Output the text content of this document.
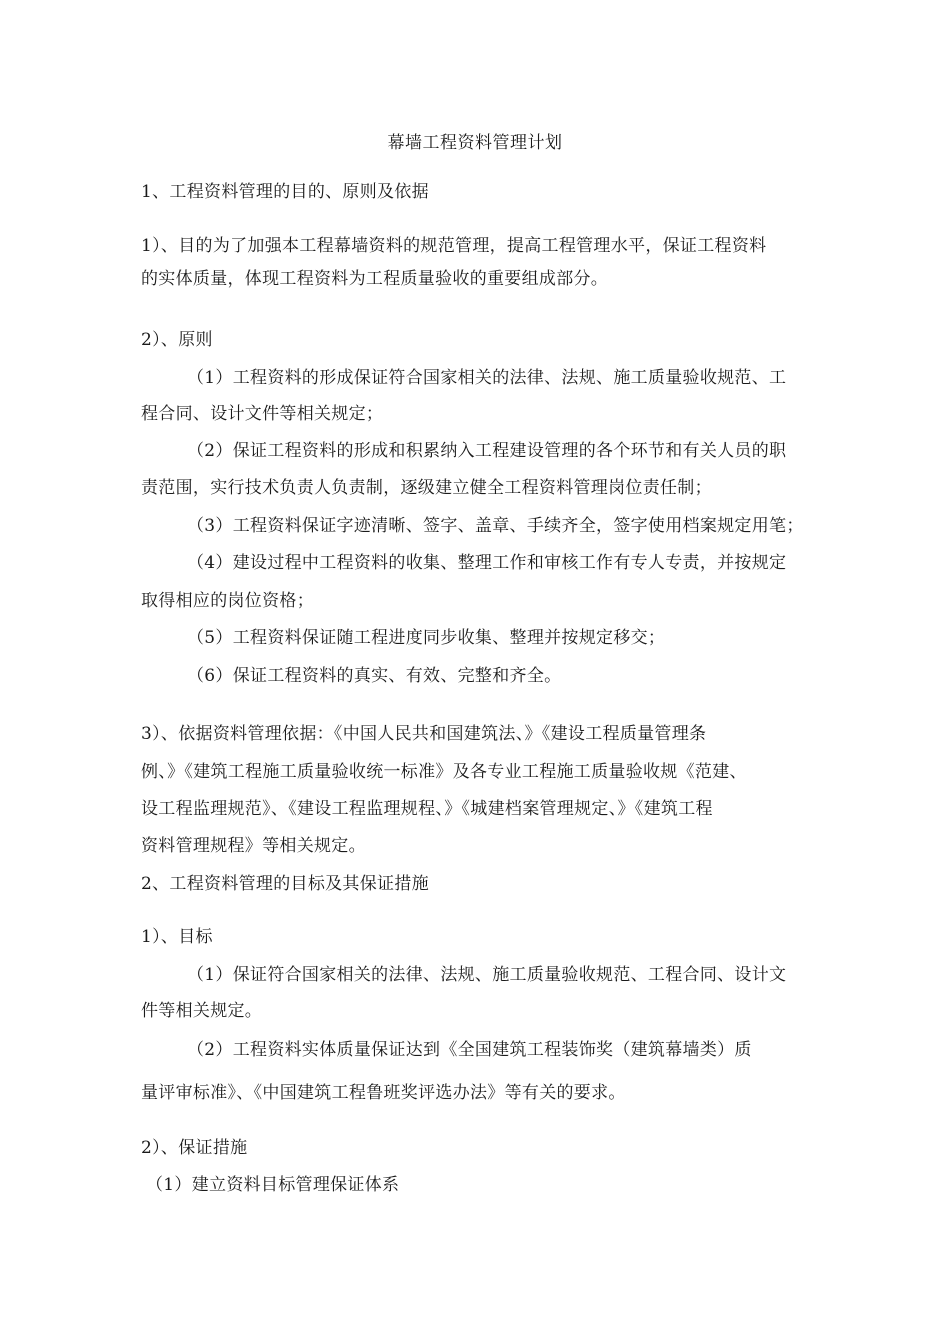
幕墙工程资料管理计划
1、工程资料管理的目的、原则及依据
1）、目的为了加强本工程幕墙资料的规范管理，提高工程管理水平，保证工程资料
的实体质量，体现工程资料为工程质量验收的重要组成部分。
2）、原则
（1）工程资料的形成保证符合国家相关的法律、法规、施工质量验收规范、工
程合同、设计文件等相关规定；
（2）保证工程资料的形成和积累纳入工程建设管理的各个环节和有关人员的职
责范围，实行技术负责人负责制，逐级建立健全工程资料管理岗位责任制；
（3）工程资料保证字迹清晰、签字、盖章、手续齐全，签字使用档案规定用笔；
（4）建设过程中工程资料的收集、整理工作和审核工作有专人专责，并按规定
取得相应的岗位资格；
（5）工程资料保证随工程进度同步收集、整理并按规定移交；
（6）保证工程资料的真实、有效、完整和齐全。
3）、依据资料管理依据：《中国人民共和国建筑法、》《建设工程质量管理条
例、》《建筑工程施工质量验收统一标准》及各专业工程施工质量验收规《范建、
设工程监理规范》、《建设工程监理规程、》《城建档案管理规定、》《建筑工程
资料管理规程》等相关规定。
2、工程资料管理的目标及其保证措施
1）、目标
（1）保证符合国家相关的法律、法规、施工质量验收规范、工程合同、设计文
件等相关规定。
（2）工程资料实体质量保证达到《全国建筑工程装饰奖（建筑幕墙类）质
量评审标准》、《中国建筑工程鲁班奖评选办法》等有关的要求。
2）、保证措施
（1）建立资料目标管理保证体系
